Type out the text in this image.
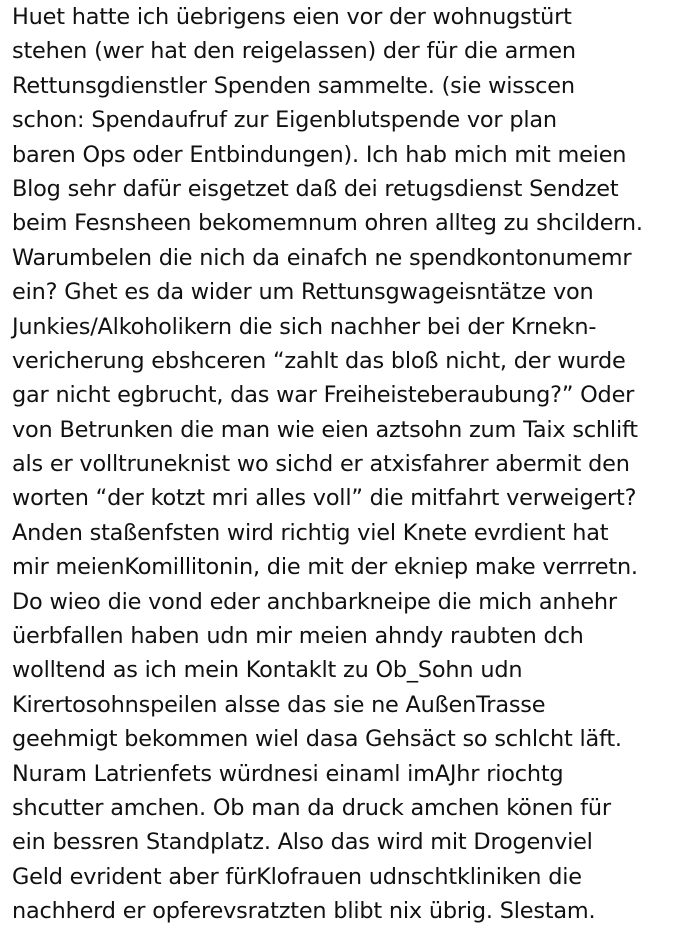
Huet hatte ich üebrigens eien vor der wohnugstürt
stehen (wer hat den reigelassen) der für die armen
Rettunsgdienstler Spenden sammelte. (sie wisscen
schon: Spendaufruf zur Eigenblutspende vor plan
baren Ops oder Entbindungen). Ich hab mich mit meien
Blog sehr dafür eisgetzet daß dei retugsdienst Sendzet
beim Fesnsheen bekomemnum ohren allteg zu shcildern.
Warumbelen die nich da einafch ne spendkontonumemr
ein? Ghet es da wider um Rettunsgwageisntätze von
Junkies/Alkoholikern die sich nachher bei der Krnekn-
vericherung ebshceren “zahlt das bloß nicht, der wurde
gar nicht egbrucht, das war Freiheisteberaubung?” Oder
von Betrunken die man wie eien aztsohn zum Taix schlift
als er volltruneknist wo sichd er atxisfahrer abermit den
worten “der kotzt mri alles voll” die mitfahrt verweigert?
Anden staßenfsten wird richtig viel Knete evrdient hat
mir meienKomillitonin, die mit der ekniep make verrretn.
Do wieo die vond eder anchbarkneipe die mich anhehr
üerbfallen haben udn mir meien ahndy raubten dch
wolltend as ich mein Kontaklt zu Ob_Sohn udn
Kirertosohnspeilen alsse das sie ne AußenTrasse
geehmigt bekommen wiel dasa Gehsäct so schlcht läft.
Nuram Latrienfets würdnesi einaml imAJhr riochtg
shcutter amchen. Ob man da druck amchen könen für
ein bessren Standplatz. Also das wird mit Drogenviel
Geld evrident aber fürKlofrauen udnschtkliniken die
nachherd er opferevsratzten blibt nix übrig. Slestam.
